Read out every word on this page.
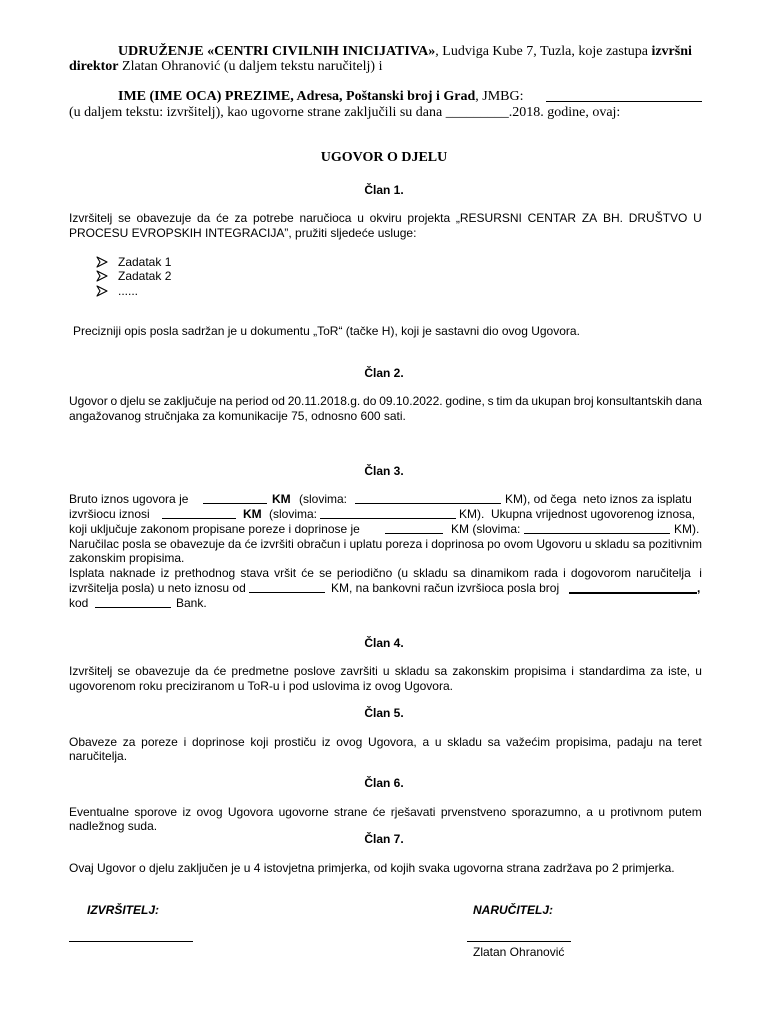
UDRUŽENJE «CENTRI CIVILNIH INICIJATIVA», Ludviga Kube 7, Tuzla, koje zastupa izvršni
direktor Zlatan Ohranović (u daljem tekstu naručitelj) i
IME (IME OCA) PREZIME, Adresa, Poštanski broj i Grad, JMBG:
(u daljem tekstu: izvršitelj), kao ugovorne strane zaključili su dana _________.2018. godine, ovaj:
UGOVOR O DJELU
Član 1.
Izvršitelj se obavezuje da će za potrebe naručioca u okviru projekta „RESURSNI CENTAR ZA BH. DRUŠTVO U
PROCESU EVROPSKIH INTEGRACIJA”, pružiti sljedeće usluge:
Zadatak 1
Zadatak 2
......
Precizniji opis posla sadržan je u dokumentu „ToR“ (tačke H), koji je sastavni dio ovog Ugovora.
Član 2.
Ugovor o djelu se zaključuje na period od 20.11.2018.g. do 09.10.2022. godine, s tim da ukupan broj konsultantskih dana
angažovanog stručnjaka za komunikacije 75, odnosno 600 sati.
Član 3.
Bruto iznos ugovora je	KM (slovima:	KM), od čega  neto iznos za isplatu
izvršiocu iznosi	KM (slovima:	KM).  Ukupna vrijednost ugovorenog iznosa,
koji uključuje zakonom propisane poreze i doprinose je	KM (slovima:	KM).
Naručilac posla se obavezuje da će izvršiti obračun i uplatu poreza i doprinosa po ovom Ugovoru u skladu sa pozitivnim
zakonskim propisima.
Isplata naknade iz prethodnog stava vršit će se periodično (u skladu sa dinamikom rada i dogovorom naručitelja i
izvršitelja posla) u neto iznosu od	KM, na bankovni račun izvršioca posla broj	,
kod	Bank.
Član 4.
Izvršitelj se obavezuje da će predmetne poslove završiti u skladu sa zakonskim propisima i standardima za iste, u
ugovorenom roku preciziranom u ToR-u i pod uslovima iz ovog Ugovora.
Član 5.
Obaveze za poreze i doprinose koji prostiču iz ovog Ugovora, a u skladu sa važećim propisima, padaju na teret
naručitelja.
Član 6.
Eventualne sporove iz ovog Ugovora ugovorne strane će rješavati prvenstveno sporazumno, a u protivnom putem
nadležnog suda.
Član 7.
Ovaj Ugovor o djelu zaključen je u 4 istovjetna primjerka, od kojih svaka ugovorna strana zadržava po 2 primjerka.
IZVRŠITELJ:	NARUČITELJ:
Zlatan Ohranović
